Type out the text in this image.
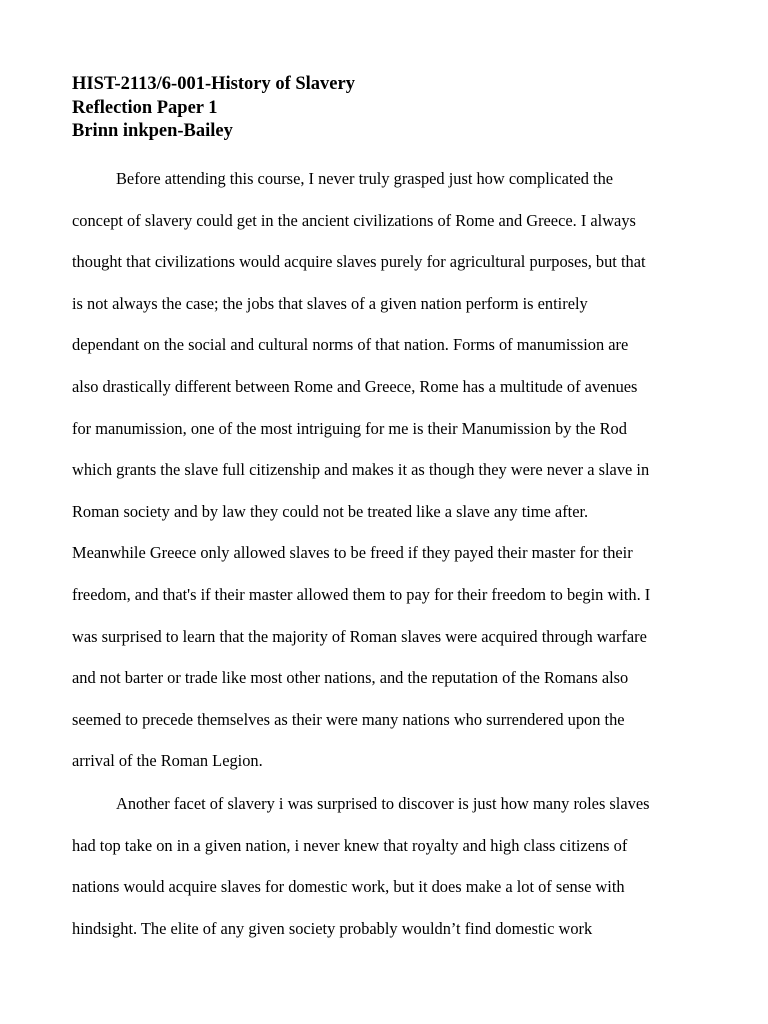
HIST-2113/6-001-History of Slavery
Reflection Paper 1
Brinn inkpen-Bailey
Before attending this course, I never truly grasped just how complicated the
concept of slavery could get in the ancient civilizations of Rome and Greece. I always
thought that civilizations would acquire slaves purely for agricultural purposes, but that
is not always the case; the jobs that slaves of a given nation perform is entirely
dependant on the social and cultural norms of that nation. Forms of manumission are
also drastically different between Rome and Greece, Rome has a multitude of avenues
for manumission, one of the most intriguing for me is their Manumission by the Rod
which grants the slave full citizenship and makes it as though they were never a slave in
Roman society and by law they could not be treated like a slave any time after.
Meanwhile Greece only allowed slaves to be freed if they payed their master for their
freedom, and that's if their master allowed them to pay for their freedom to begin with. I
was surprised to learn that the majority of Roman slaves were acquired through warfare
and not barter or trade like most other nations, and the reputation of the Romans also
seemed to precede themselves as their were many nations who surrendered upon the
arrival of the Roman Legion.
Another facet of slavery i was surprised to discover is just how many roles slaves
had top take on in a given nation, i never knew that royalty and high class citizens of
nations would acquire slaves for domestic work, but it does make a lot of sense with
hindsight. The elite of any given society probably wouldn’t find domestic work
